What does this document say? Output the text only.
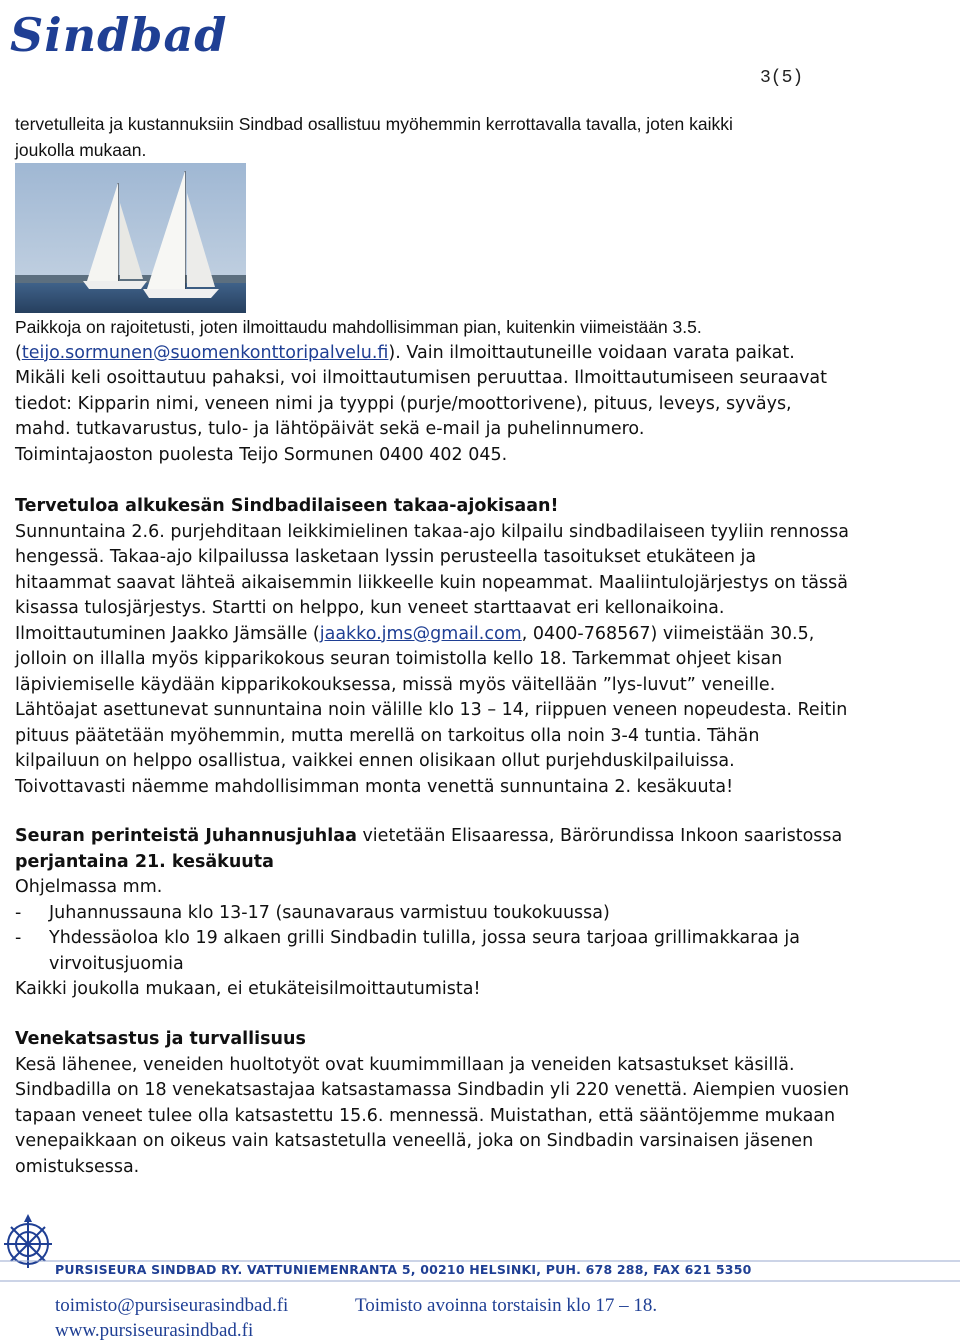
Sindbad
3(5)
tervetulleita ja kustannuksiin Sindbad osallistuu myöhemmin kerrottavalla tavalla, joten kaikki
joukolla mukaan.
Paikkoja on rajoitetusti, joten ilmoittaudu mahdollisimman pian, kuitenkin viimeistään 3.5.
(teijo.sormunen@suomenkonttoripalvelu.fi). Vain ilmoittautuneille voidaan varata paikat.
Mikäli keli osoittautuu pahaksi, voi ilmoittautumisen peruuttaa. Ilmoittautumiseen seuraavat
tiedot: Kipparin nimi, veneen nimi ja tyyppi (purje/moottorivene), pituus, leveys, syväys,
mahd. tutkavarustus, tulo- ja lähtöpäivät sekä e-mail ja puhelinnumero.
Toimintajaoston puolesta Teijo Sormunen 0400 402 045.
Tervetuloa alkukesän Sindbadilaiseen takaa-ajokisaan!
Sunnuntaina 2.6. purjehditaan leikkimielinen takaa-ajo kilpailu sindbadilaiseen tyyliin rennossa
hengessä. Takaa-ajo kilpailussa lasketaan lyssin perusteella tasoitukset etukäteen ja
hitaammat saavat lähteä aikaisemmin liikkeelle kuin nopeammat. Maaliintulojärjestys on tässä
kisassa tulosjärjestys. Startti on helppo, kun veneet starttaavat eri kellonaikoina.
Ilmoittautuminen Jaakko Jämsälle (jaakko.jms@gmail.com, 0400-768567) viimeistään 30.5,
jolloin on illalla myös kipparikokous seuran toimistolla kello 18. Tarkemmat ohjeet kisan
läpiviemiselle käydään kipparikokouksessa, missä myös väitellään ”lys-luvut” veneille.
Lähtöajat asettunevat sunnuntaina noin välille klo 13 – 14, riippuen veneen nopeudesta. Reitin
pituus päätetään myöhemmin, mutta merellä on tarkoitus olla noin 3-4 tuntia. Tähän
kilpailuun on helppo osallistua, vaikkei ennen olisikaan ollut purjehduskilpailuissa.
Toivottavasti näemme mahdollisimman monta venettä sunnuntaina 2. kesäkuuta!
Seuran perinteistä Juhannusjuhlaa vietetään Elisaaressa, Bärörundissa Inkoon saaristossa
perjantaina 21. kesäkuuta
Ohjelmassa mm.
-	Juhannussauna klo 13-17 (saunavaraus varmistuu toukokuussa)
-	Yhdessäoloa klo 19 alkaen grilli Sindbadin tulilla, jossa seura tarjoaa grillimakkaraa ja
virvoitusjuomia
Kaikki joukolla mukaan, ei etukäteisilmoittautumista!
Venekatsastus ja turvallisuus
Kesä lähenee, veneiden huoltotyöt ovat kuumimmillaan ja veneiden katsastukset käsillä.
Sindbadilla on 18 venekatsastajaa katsastamassa Sindbadin yli 220 venettä. Aiempien vuosien
tapaan veneet tulee olla katsastettu 15.6. mennessä. Muistathan, että sääntöjemme mukaan
venepaikkaan on oikeus vain katsastetulla veneellä, joka on Sindbadin varsinaisen jäsenen
omistuksessa.
PURSISEURA SINDBAD RY. VATTUNIEMENRANTA 5, 00210 HELSINKI, PUH. 678 288, FAX 621 5350
toimisto@pursiseurasindbad.fi	Toimisto avoinna torstaisin klo 17 – 18.
www.pursiseurasindbad.fi
